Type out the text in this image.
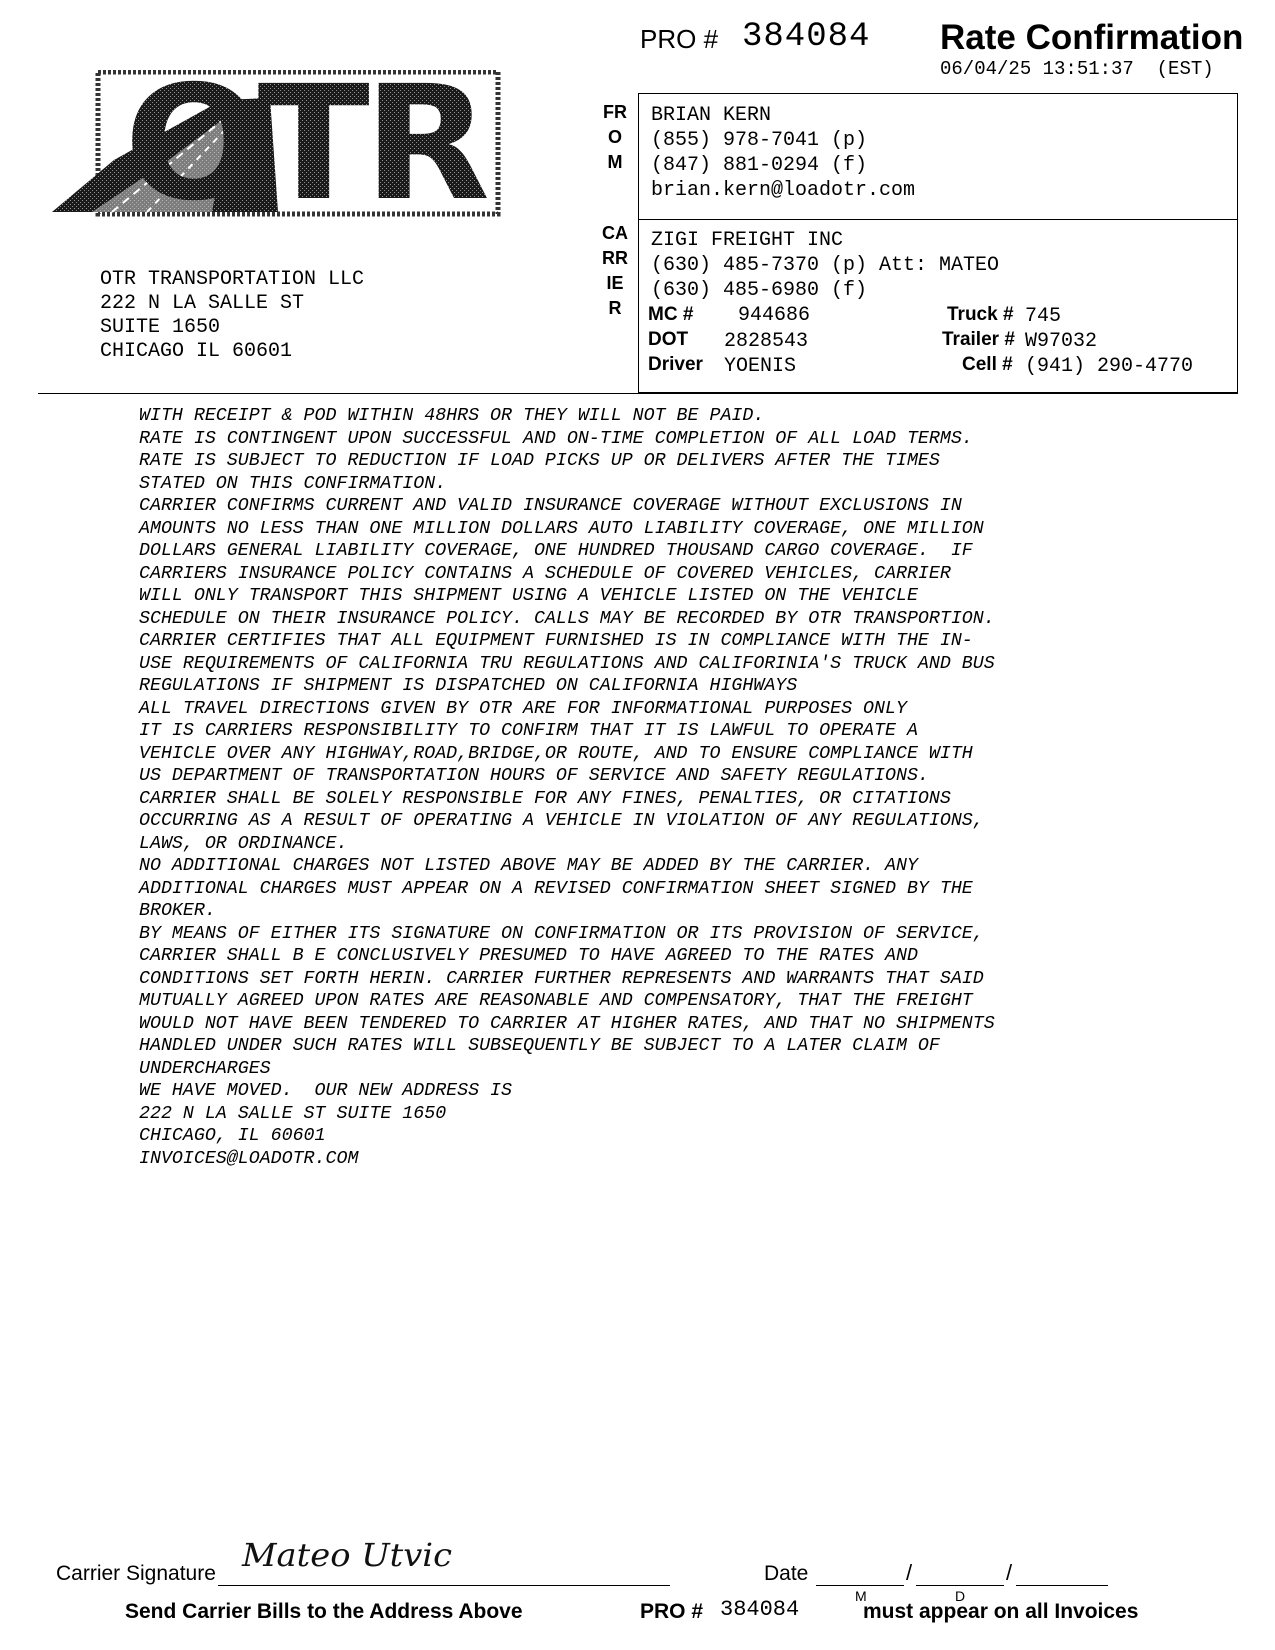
PRO # 384084 Rate Confirmation
06/04/25 13:51:37  (EST)
OTR
OTR TRANSPORTATION LLC
222 N LA SALLE ST
SUITE 1650
CHICAGO IL 60601
FROM
CARRIER
BRIAN KERN
(855) 978-7041 (p)
(847) 881-0294 (f)
brian.kern@loadotr.com
ZIGI FREIGHT INC
(630) 485-7370 (p) Att: MATEO
(630) 485-6980 (f)
MC # 944686
DOT 2828543
Driver YOENIS
Truck # 745
Trailer # W97032
Cell # (941) 290-4770
WITH RECEIPT & POD WITHIN 48HRS OR THEY WILL NOT BE PAID.
RATE IS CONTINGENT UPON SUCCESSFUL AND ON-TIME COMPLETION OF ALL LOAD TERMS.
RATE IS SUBJECT TO REDUCTION IF LOAD PICKS UP OR DELIVERS AFTER THE TIMES
STATED ON THIS CONFIRMATION.
CARRIER CONFIRMS CURRENT AND VALID INSURANCE COVERAGE WITHOUT EXCLUSIONS IN
AMOUNTS NO LESS THAN ONE MILLION DOLLARS AUTO LIABILITY COVERAGE, ONE MILLION
DOLLARS GENERAL LIABILITY COVERAGE, ONE HUNDRED THOUSAND CARGO COVERAGE.  IF
CARRIERS INSURANCE POLICY CONTAINS A SCHEDULE OF COVERED VEHICLES, CARRIER
WILL ONLY TRANSPORT THIS SHIPMENT USING A VEHICLE LISTED ON THE VEHICLE
SCHEDULE ON THEIR INSURANCE POLICY. CALLS MAY BE RECORDED BY OTR TRANSPORTION.
CARRIER CERTIFIES THAT ALL EQUIPMENT FURNISHED IS IN COMPLIANCE WITH THE IN-
USE REQUIREMENTS OF CALIFORNIA TRU REGULATIONS AND CALIFORINIA'S TRUCK AND BUS
REGULATIONS IF SHIPMENT IS DISPATCHED ON CALIFORNIA HIGHWAYS
ALL TRAVEL DIRECTIONS GIVEN BY OTR ARE FOR INFORMATIONAL PURPOSES ONLY
IT IS CARRIERS RESPONSIBILITY TO CONFIRM THAT IT IS LAWFUL TO OPERATE A
VEHICLE OVER ANY HIGHWAY,ROAD,BRIDGE,OR ROUTE, AND TO ENSURE COMPLIANCE WITH
US DEPARTMENT OF TRANSPORTATION HOURS OF SERVICE AND SAFETY REGULATIONS.
CARRIER SHALL BE SOLELY RESPONSIBLE FOR ANY FINES, PENALTIES, OR CITATIONS
OCCURRING AS A RESULT OF OPERATING A VEHICLE IN VIOLATION OF ANY REGULATIONS,
LAWS, OR ORDINANCE.
NO ADDITIONAL CHARGES NOT LISTED ABOVE MAY BE ADDED BY THE CARRIER. ANY
ADDITIONAL CHARGES MUST APPEAR ON A REVISED CONFIRMATION SHEET SIGNED BY THE
BROKER.
BY MEANS OF EITHER ITS SIGNATURE ON CONFIRMATION OR ITS PROVISION OF SERVICE,
CARRIER SHALL B E CONCLUSIVELY PRESUMED TO HAVE AGREED TO THE RATES AND
CONDITIONS SET FORTH HERIN. CARRIER FURTHER REPRESENTS AND WARRANTS THAT SAID
MUTUALLY AGREED UPON RATES ARE REASONABLE AND COMPENSATORY, THAT THE FREIGHT
WOULD NOT HAVE BEEN TENDERED TO CARRIER AT HIGHER RATES, AND THAT NO SHIPMENTS
HANDLED UNDER SUCH RATES WILL SUBSEQUENTLY BE SUBJECT TO A LATER CLAIM OF
UNDERCHARGES
WE HAVE MOVED.  OUR NEW ADDRESS IS
222 N LA SALLE ST SUITE 1650
CHICAGO, IL 60601
INVOICES@LOADOTR.COM
Carrier Signature Mateo Utvic	Date	/	/
M	D
Send Carrier Bills to the Address Above	PRO # 384084	must appear on all Invoices
